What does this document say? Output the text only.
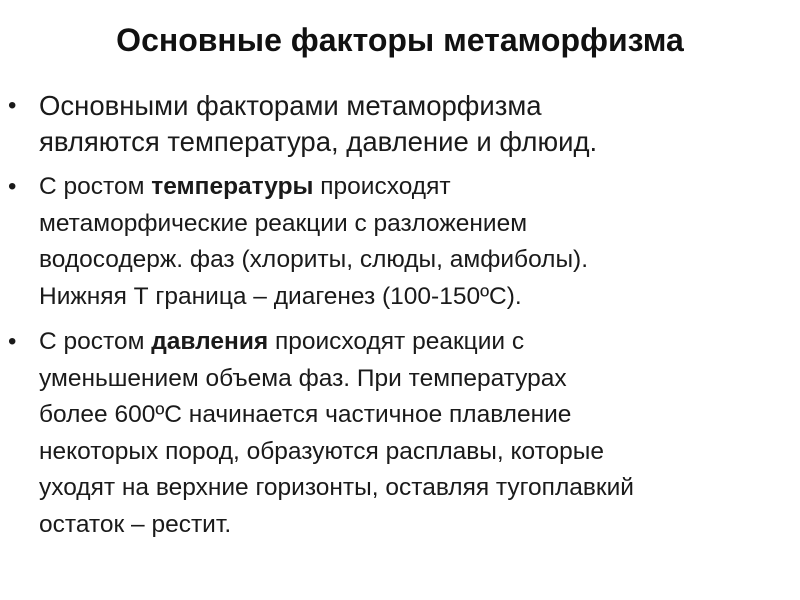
Основные факторы метаморфизма
• Основными факторами метаморфизма
являются температура, давление и флюид.
• С ростом температуры происходят
метаморфические реакции с разложением
водосодерж. фаз (хлориты, слюды, амфиболы).
Нижняя Т граница – диагенез (100-150ºС).
• С ростом давления происходят реакции с
уменьшением объема фаз. При температурах
более 600ºС начинается частичное плавление
некоторых пород, образуются расплавы, которые
уходят на верхние горизонты, оставляя тугоплавкий
остаток – рестит.
